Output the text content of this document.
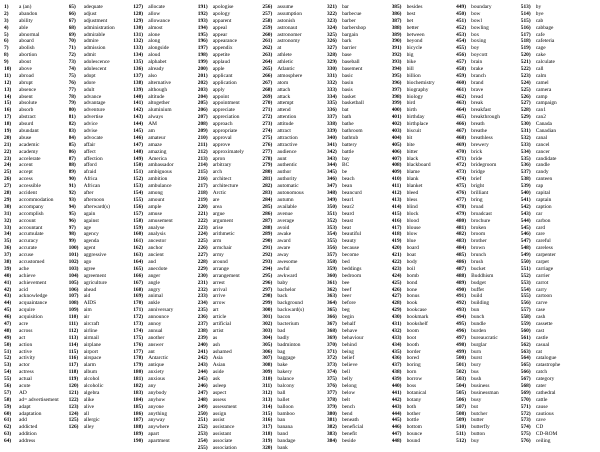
1)	a (an)
2)	abandon
3)	ability
4)	able
5)	abnormal
6)	aboard
7)	abolish
8)	abortion
9)	about
10)	above
11)	abroad
12)	abrupt
13)	absence
14)	absent
15)	absolute
16)	absorb
17)	abstract
18)	absurd
19)	abundant
20)	abuse
21)	academic
22)	academy
23)	accelerate
24)	accent
25)	accept
26)	access
27)	accessible
28)	accident
29)	accommodation
30)	accompany
31)	accomplish
32)	account
33)	accountant
34)	accumulate
35)	accuracy
36)	accurate
37)	accuse
38)	accustomed
39)	ache
40)	achieve
41)	achievement
42)	acid
43)	acknowledge
44)	acquaintance
45)	acquire
46)	acquisition
47)	acre
48)	across
49)	act
50)	action
51)	active
52)	activity
53)	actor
54)	actress
55)	actual
56)	acute
57)	AD
58)	ad= advertisement
59)	adapt
60)	adaptation
61)	add
62)	addicted
63)	addition
64)	address
65)	adequate
66)	adjust
67)	adjustment
68)	administration
69)	admirable
70)	admire
71)	admission
72)	admit
73)	adolescence
74)	adolescent
75)	adopt
76)	adore
77)	adult
78)	advance
79)	advantage
80)	adventure
81)	advertise
82)	advice
83)	advise
84)	advocate
85)	affair
86)	affect
87)	affection
88)	afford
89)	afraid
90)	Africa
91)	African
92)	after
93)	afternoon
94)	afterward(s)
95)	again
96)	against
97)	age
98)	agency
99)	agenda
100) agent
101) aggressive
102) ago
103) agree
104) agreement
105) agriculture
106) ahead
107) aid
108) AIDS
109) aim
110)	air
111)	aircraft
112)	airline
113)	airmail
114)	airplane
115)	airport
116)	airspace
117)	alarm
118)	album
119)	alcohol
120) alcoholic
121) algebra
122) alike
123) alive
124) all
125) allergic
126) alley
127) allocate
128) allow
129) allowance
130) almost
131) alone
132) along
133) alongside
134) aloud
135) alphabet
136) already
137) also
138) alternative
139) although
140) altitude
141) altogether
142) aluminium
143) always
144) AM
145) am
146) amateur
147) amaze
148) amazing
149) America
150) ambassador
151) ambiguous
152) ambition
153) ambulance
154) among
155) amount
156) ample
157) amuse
158) amusement
159) analyse
160) analysis
161) ancestor
162) anchor
163) ancient
164) and
165) anecdote
166) anger
167) angle
168) angry
169) animal
170) ankle
171) anniversary
172) announce
173) annoy
174) annual
175) another
176) answer
177) ant
178) Antarctic
179) antique
180) anxiety
181) anxious
182) any
183) anybody
184) anyhow
185) anyone
186) anything
187) anyway
188) anywhere
189) apart
190) apartment
191) apologise
192) apology
193) apparent
194) appeal
195) appear
196) appearance
197) appendix
198) appetite
199) applaud
200) apple
201) applicant
202) application
203) apply
204) appoint
205) appointment
206) appreciate
207) appreciation
208) approach
209) appropriate
210) approval
211)	approve
212) approximately
213) apron
214) arbitrary
215) arch
216) architect
217) architecture
218) Arctic
219) are
220) area
221) argue
222) argument
223) arise
224) arithmetic
225) arm
226) armchair
227) army
228) around
229) arrange
230) arrangement
231) arrest
232) arrival
233) arrive
234) arrow
235) art
236) article
237) artificial
238) artist
239) as
240) ash
241) ashamed
242) Asia
243) Asian
244) aside
245) ask
246) asleep
247) aspect
248) assess
249) assessment
250) assign
251) assist
252) assistance
253) assistant
254) associate
255) association
256) assume
257) assumption
258) astonish
259) astronaut
260) astronomer
261) astronomy
262) at
263) athlete
264) athletic
265) Atlantic
266) atmosphere
267) atom
268) attach
269) attack
270) attempt
271) attend
272) attention
273) attitude
274) attract
275) attraction
276) attractive
277) audience
278) aunt
279) authentic
280) author
281) authority
282) automatic
283) autonomous
284) autumn
285) available
286) avenue
287) average
288) avoid
289) awake
290) award
291) aware
292) away
293) awesome
294) awful
295) awkward
296) baby
297) bachelor
298) back
299) background
300) backward(s)
301) bacon
302) bacterium
303) bad
304) badly
305) badminton
306) bag
307) baggage
308) bake
309) bakery
310) balance
311)	balcony
312) ball
313) ballet
314) balloon
315) bamboo
316) ban
317) banana
318) band
319) bandage
320) bank
321) bar
322) barbecue
323) barber
324) barbershop
325) bargain
326) bark
327) barrier
328) base
329) baseball
330) basement
331) basic
332) basin
333) basis
334) basket
335) basketball
336) bat
337) bath
338) bathe
339) bathroom
340) bathtub
341) battery
342) battle
343) bay
344) BC
345) be
346) beach
347) bean
348) beancurd
349) bear1
350) bear2
351) beard
352) beast
353) beat
354) beautiful
355) beauty
356) because
357) become
358) bed
359) beddings
360) bedroom
361) bee
362) beef
363) beer
364) before
365) beg
366) begin
367) behalf
368) behave
369) behaviour
370) behind
371) being
372) belief
373) believe
374) bell
375) belly
376) belong
377) below
378) belt
379) bench
380) bend
381) beneath
382) beneficial
383) benefit
384) beside
385) besides
386) best
387) bet
388) better
389) between
390) beyond
391) bicycle
392) big
393) bike
394) bill
395) billion
396) biochemistry
397) biography
398) biology
399) bird
400) birth
401) birthday
402) birthplace
403) biscuit
404) bit
405) bite
406) bitter
407) black
408) blackboard
409) blame
410) blank
411)	blanket
412) bleed
413) bless
414) blind
415) block
416) blood
417) blouse
418) blow
419) blue
420) board
421) boat
422) body
423) boil
424) bomb
425) bond
426) bone
427) bonus
428) book
429) bookcase
430) bookmark
431) bookshelf
432) boom
433) boot
434) booth
435) border
436) bored
437) boring
438) born
439) borrow
440) boss
441) botanical
442) botany
443) both
444) bother
445) bottle
446) bottom
447) bounce
448) bound
449) boundary
450) bow
451) bowl
452) bowling
453) box
454) boxing
455) boy
456) boycott
457) brain
458) brake
459) branch
460) brand
461) brave
462) bread
463) break
464) breakfast
465) breakthrough
466) breath
467) breathe
468) breathless
469) brewery
470) brick
471) bride
472) bridegroom
473) bridge
474) brief
475) bright
476) brilliant
477) bring
478) broad
479) broadcast
480) brochure
481) broken
482) broom
483) brother
484) brown
485) brunch
486) brush
487) bucket
488) Buddhism
489) budget
490) buffet
491) build
492) building
493) bun
494) bunch
495) bundle
496) burden
497) bureaucratic
498) burglar
499) burn
500) burst
501) bury
502) bus
503) bush
504) business
505) businessman
506) busy
507) but
508) butcher
509) butter
510) butterfly
511)	button
512) buy
513) by
514) bye
515) cab
516) cabbage
517) cafe
518) cafeteria
519) cage
520) cake
521) calculate
522) call
523) calm
524) camel
525) camera
526) camp
527) campaign
528) can1
529) can2
530) Canada
531) Canadian
532) canal
533) cancel
534) cancer
535) candidate
536) candle
537) candy
538) canteen
539) cap
540) capital
541) captain
542) caption
543) car
544) carbon
545) card
546) care
547) careful
548) careless
549) carpenter
550) carpet
551) carriage
552) carrier
553) carrot
554) carry
555) cartoon
556) carve
557) case
558) cash
559) cassette
560) cast
561) castle
562) casual
563) cat
564) catalogue
565) catastrophe
566) catch
567) category
568) cater
569) cathedral
570) cattle
571) cause
572) cautious
573) cave
574) CD
575) CD-ROM
576) ceiling
